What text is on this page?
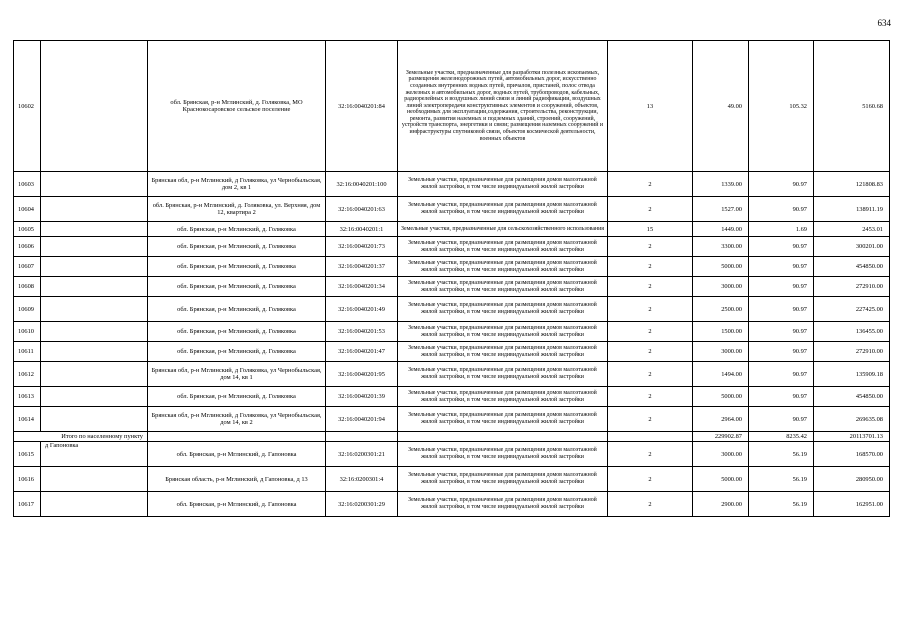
634
10602		обл. Брянская, р-н Мглинский, д. Голяковка, МО Краснокосаровское сельское поселение	32:16:0040201:84	Земельные участки, предназначенные для разработки полезных ископаемых, размещения железнодорожных путей, автомобильных дорог, искусственно созданных внутренних водных путей, причалов, пристаней, полос отвода железных и автомобильных дорог, водных путей, трубопроводов, кабельных, радиорелейных и воздушных линий связи и линий радиофикации, воздушных линий электропередачи конструктивных элементов и сооружений, объектов, необходимых для эксплуатации,содержания, строительства, реконструкции, ремонта, развития наземных и подземных зданий, строений, сооружений, устройств транспорта, энергетики и связи; размещения наземных сооружений и инфраструктуры спутниковой связи, объектов космической деятельности, военных объектов	13	49.00	105.32	5160.68
10603		Брянская обл, р-н Мглинский, д Голяковка, ул Чернобыльская, дом 2, кв 1	32:16:0040201:100	Земельные участки, предназначенные для размещения домов малоэтажной жилой застройки, в том числе индивидуальной жилой застройки	2	1339.00	90.97	121808.83
10604		обл. Брянская, р-н Мглинский, д. Голяковка, ул. Верхняя, дом 12, квартира 2	32:16:0040201:63	Земельные участки, предназначенные для размещения домов малоэтажной жилой застройки, в том числе индивидуальной жилой застройки	2	1527.00	90.97	138911.19
10605		обл. Брянская, р-н Мглинский, д. Голяковка	32:16:0040201:1	Земельные участки, предназначенные для сельскохозяйственного использования	15	1449.00	1.69	2453.01
10606		обл. Брянская, р-н Мглинский, д. Голяковка	32:16:0040201:73	Земельные участки, предназначенные для размещения домов малоэтажной жилой застройки, в том числе индивидуальной жилой застройки	2	3300.00	90.97	300201.00
10607		обл. Брянская, р-н Мглинский, д. Голяковка	32:16:0040201:37	Земельные участки, предназначенные для размещения домов малоэтажной жилой застройки, в том числе индивидуальной жилой застройки	2	5000.00	90.97	454850.00
10608		обл. Брянская, р-н Мглинский, д. Голяковка	32:16:0040201:34	Земельные участки, предназначенные для размещения домов малоэтажной жилой застройки, в том числе индивидуальной жилой застройки	2	3000.00	90.97	272910.00
10609		обл. Брянская, р-н Мглинский, д. Голяковка	32:16:0040201:49	Земельные участки, предназначенные для размещения домов малоэтажной жилой застройки, в том числе индивидуальной жилой застройки	2	2500.00	90.97	227425.00
10610		обл. Брянская, р-н Мглинский, д. Голяковка	32:16:0040201:53	Земельные участки, предназначенные для размещения домов малоэтажной жилой застройки, в том числе индивидуальной жилой застройки	2	1500.00	90.97	136455.00
10611		обл. Брянская, р-н Мглинский, д. Голяковка	32:16:0040201:47	Земельные участки, предназначенные для размещения домов малоэтажной жилой застройки, в том числе индивидуальной жилой застройки	2	3000.00	90.97	272910.00
10612		Брянская обл, р-н Мглинский, д Голяковка, ул Чернобыльская, дом 14, кв 1	32:16:0040201:95	Земельные участки, предназначенные для размещения домов малоэтажной жилой застройки, в том числе индивидуальной жилой застройки	2	1494.00	90.97	135909.18
10613		обл. Брянская, р-н Мглинский, д. Голяковка	32:16:0040201:39	Земельные участки, предназначенные для размещения домов малоэтажной жилой застройки, в том числе индивидуальной жилой застройки	2	5000.00	90.97	454850.00
10614		Брянская обл, р-н Мглинский, д Голяковка, ул Чернобыльская, дом 14, кв 2	32:16:0040201:94	Земельные участки, предназначенные для размещения домов малоэтажной жилой застройки, в том числе индивидуальной жилой застройки	2	2964.00	90.97	269635.08
Итого по населенному пункту						229902.87	8235.42	20113701.13
10615	д Гапоновка	обл. Брянская, р-н Мглинский, д. Гапоновка	32:16:0200301:21	Земельные участки, предназначенные для размещения домов малоэтажной жилой застройки, в том числе индивидуальной жилой застройки	2	3000.00	56.19	168570.00
10616		Брянская область, р-н Мглинский, д Гапоновка, д 13	32:16:0200301:4	Земельные участки, предназначенные для размещения домов малоэтажной жилой застройки, в том числе индивидуальной жилой застройки	2	5000.00	56.19	280950.00
10617		обл. Брянская, р-н Мглинский, д. Гапоновка	32:16:0200301:29	Земельные участки, предназначенные для размещения домов малоэтажной жилой застройки, в том числе индивидуальной жилой застройки	2	2900.00	56.19	162951.00
